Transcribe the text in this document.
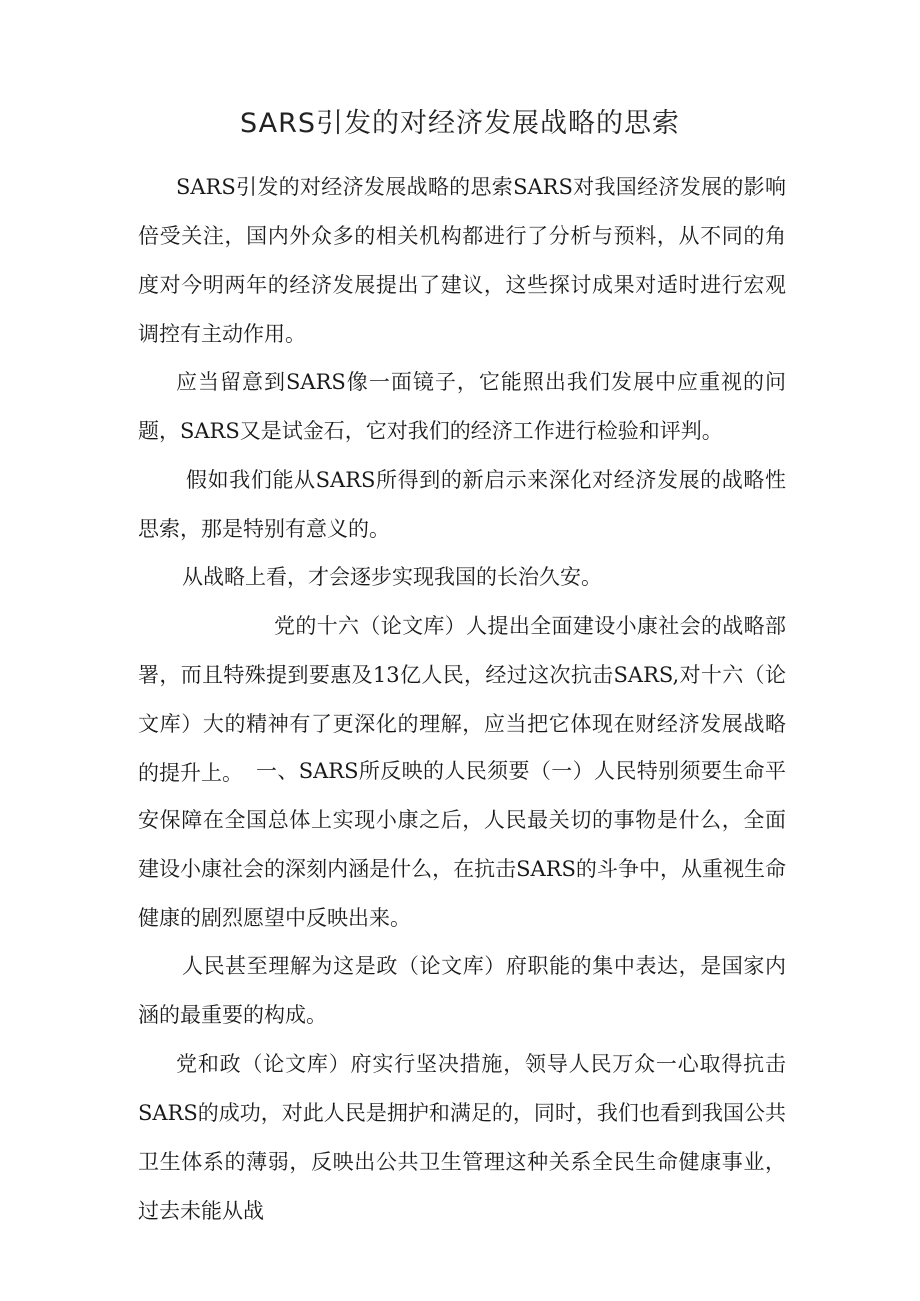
SARS引发的对经济发展战略的思索

SARS引发的对经济发展战略的思索SARS对我国经济发展的影响倍受关注，国内外众多的相关机构都进行了分析与预料，从不同的角度对今明两年的经济发展提出了建议，这些探讨成果对适时进行宏观调控有主动作用。

应当留意到SARS像一面镜子，它能照出我们发展中应重视的问题，SARS又是试金石，它对我们的经济工作进行检验和评判。

假如我们能从SARS所得到的新启示来深化对经济发展的战略性思索，那是特别有意义的。

从战略上看，才会逐步实现我国的长治久安。

党的十六（论文库）人提出全面建设小康社会的战略部署，而且特殊提到要惠及13亿人民，经过这次抗击SARS,对十六（论文库）大的精神有了更深化的理解，应当把它体现在财经济发展战略的提升上。 一、SARS所反映的人民须要（一）人民特别须要生命平安保障在全国总体上实现小康之后，人民最关切的事物是什么，全面建设小康社会的深刻内涵是什么，在抗击SARS的斗争中，从重视生命健康的剧烈愿望中反映出来。

人民甚至理解为这是政（论文库）府职能的集中表达，是国家内涵的最重要的构成。

党和政（论文库）府实行坚决措施，领导人民万众一心取得抗击SARS的成功，对此人民是拥护和满足的，同时，我们也看到我国公共卫生体系的薄弱，反映出公共卫生管理这种关系全民生命健康事业，过去未能从战
